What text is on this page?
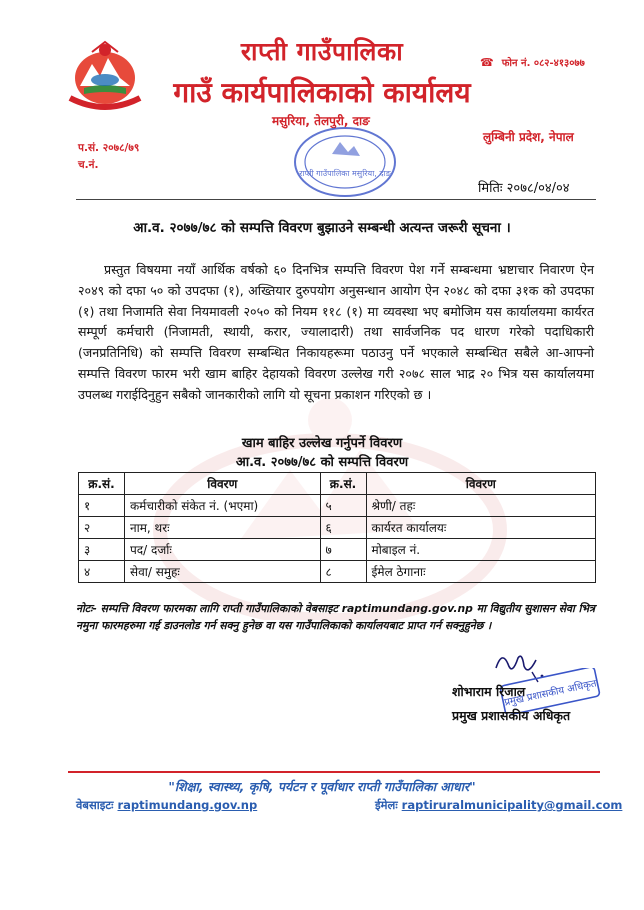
राप्ती गाउँपालिका
गाउँ कार्यपालिकाको कार्यालय
मसुरिया, तेलपुरी, दाङ
☎ फोन नं. ०८२-४१३०७७
लुम्बिनी प्रदेश, नेपाल
प.सं. २०७८/७९
च.नं.
राप्ती गाउँपालिका मसुरिया, दाङ
मितिः २०७८/०४/०४
आ.व. २०७७/७८ को सम्पत्ति विवरण बुझाउने सम्बन्धी अत्यन्त जरूरी सूचना ।
प्रस्तुत विषयमा नयाँ आर्थिक वर्षको ६० दिनभित्र सम्पत्ति विवरण पेश गर्ने सम्बन्धमा भ्रष्टाचार निवारण ऐन २०४९ को दफा ५० को उपदफा (१), अख्तियार दुरुपयोग अनुसन्धान आयोग ऐन २०४८ को दफा ३१क को उपदफा (१) तथा निजामति सेवा नियमावली २०५० को नियम ११८ (१) मा व्यवस्था भए बमोजिम यस कार्यालयमा कार्यरत सम्पूर्ण कर्मचारी (निजामती, स्थायी, करार, ज्यालादारी) तथा सार्वजनिक पद धारण गरेको पदाधिकारी (जनप्रतिनिधि) को सम्पत्ति विवरण सम्बन्धित निकायहरूमा पठाउनु पर्ने भएकाले सम्बन्धित सबैले आ-आफ्नो सम्पत्ति विवरण फारम भरी खाम बाहिर देहायको विवरण उल्लेख गरी २०७८ साल भाद्र २० भित्र यस कार्यालयमा उपलब्ध गराईदिनुहुन सबैको जानकारीको लागि यो सूचना प्रकाशन गरिएको छ ।
खाम बाहिर उल्लेख गर्नुपर्ने विवरण
आ.व. २०७७/७८ को सम्पत्ति विवरण
क्र.सं.	विवरण	क्र.सं.	विवरण
१	कर्मचारीको संकेत नं. (भएमा)	५	श्रेणी/ तहः
२	नाम, थरः	६	कार्यरत कार्यालयः
३	पद/ दर्जाः	७	मोबाइल नं.
४	सेवा/ समुहः	८	ईमेल ठेगानाः
नोटः- सम्पत्ति विवरण फारमका लागि राप्ती गाउँपालिकाको वेबसाइट raptimundang.gov.np मा विद्युतीय सुशासन सेवा भित्र नमुना फारमहरुमा गई डाउनलोड गर्न सक्नु हुनेछ वा यस गाउँपालिकाको कार्यालयबाट प्राप्त गर्न सक्नुहुनेछ ।
प्रमुख प्रशासकीय अधिकृत
शोभाराम रिजाल
प्रमुख प्रशासकीय अधिकृत
"शिक्षा, स्वास्थ्य, कृषि, पर्यटन र पूर्वाधार राप्ती गाउँपालिका आधार"
वेबसाइटः raptimundang.gov.np	ईमेलः raptiruralmunicipality@gmail.com
